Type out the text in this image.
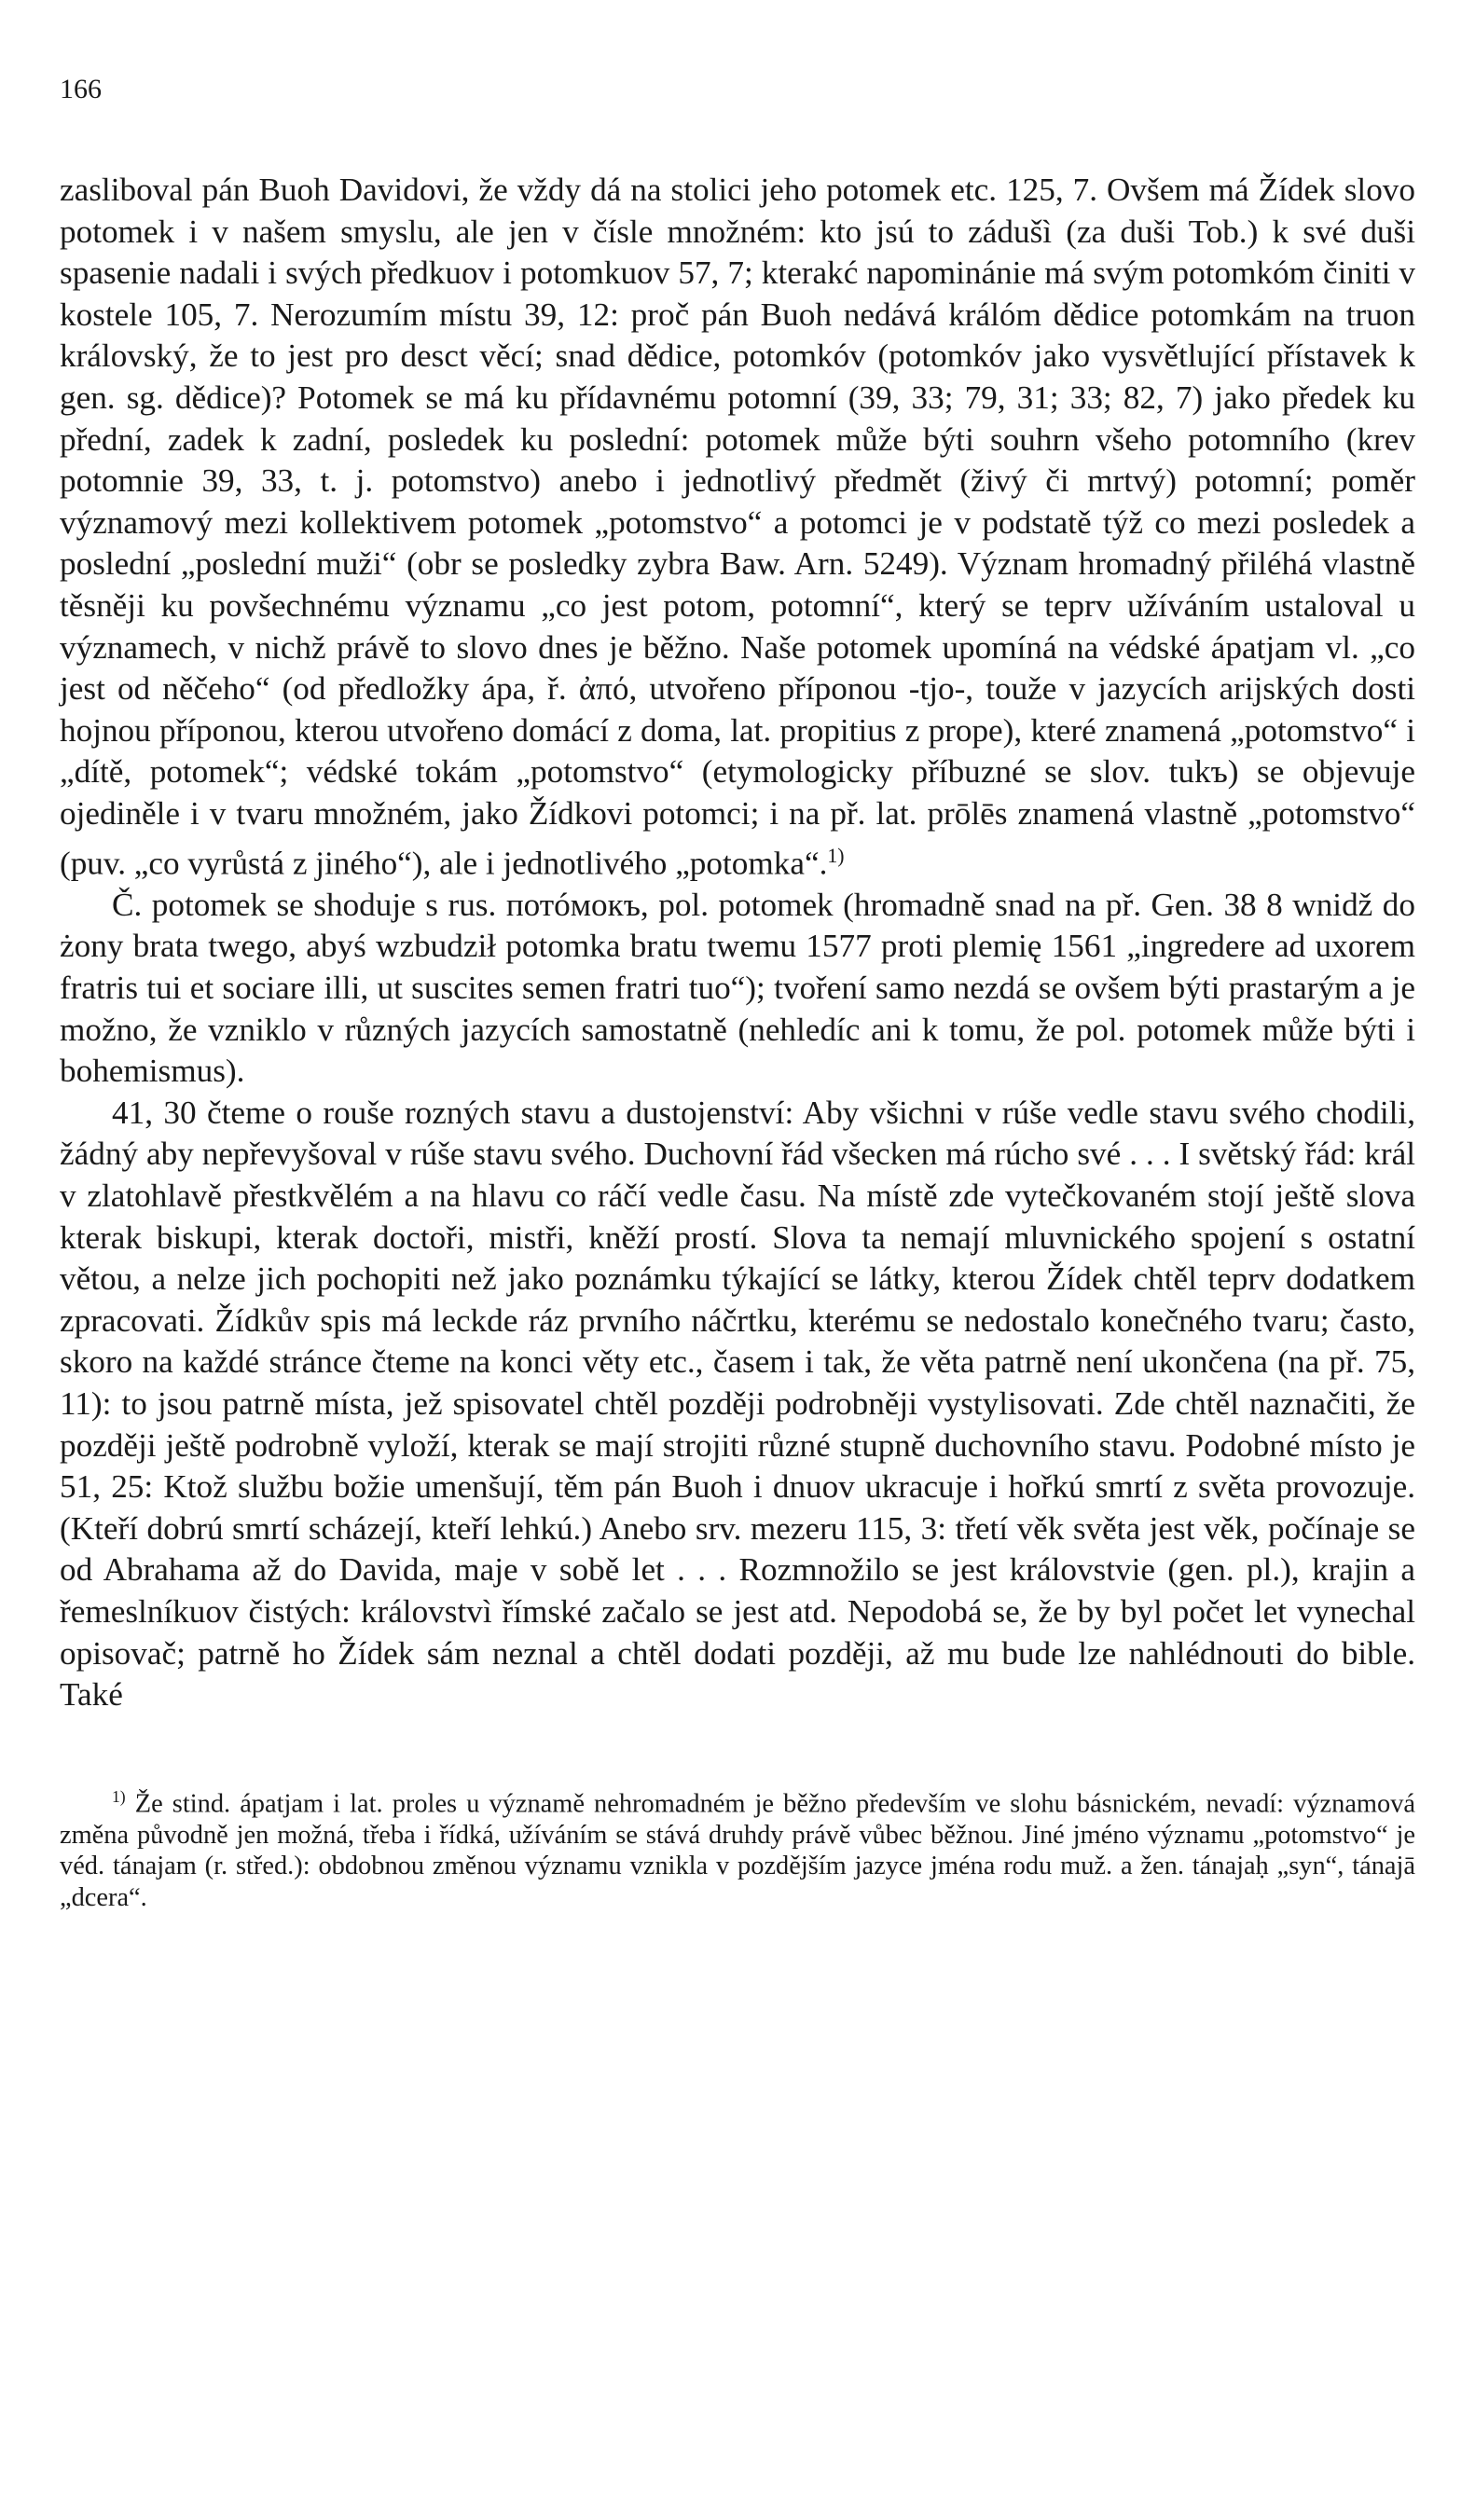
166

zasliboval pán Buoh Davidovi, že vždy dá na stolici jeho potomek etc. 125, 7. Ovšem má Žídek slovo potomek i v našem smyslu, ale jen v čísle množném: kto jsú to zádušì (za duši Tob.) k své duši spasenie nadali i svých předkuov i potomkuov 57, 7; kterakć napominánie má svým potomkóm činiti v kostele 105, 7. Nerozumím místu 39, 12: proč pán Buoh nedává králóm dědice potomkám na truon královský, že to jest pro desct věcí; snad dědice, potomkóv (potomkóv jako vysvětlující přístavek k gen. sg. dědice)? Potomek se má ku přídavnému potomní (39, 33; 79, 31; 33; 82, 7) jako předek ku přední, zadek k zadní, posledek ku poslední: potomek může býti souhrn všeho potomního (krev potomnie 39, 33, t. j. potomstvo) anebo i jednotlivý předmět (živý či mrtvý) potomní; poměr významový mezi kollektivem potomek „potomstvo“ a potomci je v podstatě týž co mezi posledek a poslední „poslední muži“ (obr se posledky zybra Baw. Arn. 5249). Význam hromadný přiléhá vlastně těsněji ku povšechnému významu „co jest potom, potomní“, který se teprv užíváním ustaloval u významech, v nichž právě to slovo dnes je běžno. Naše potomek upomíná na védské ápatjam vl. „co jest od něčeho“ (od předložky ápa, ř. ἀπό, utvořeno příponou -tjo-, touže v jazycích arijských dosti hojnou příponou, kterou utvořeno domácí z doma, lat. propitius z prope), které znamená „potomstvo“ i „dítě, potomek“; védské tokám „potomstvo“ (etymologicky příbuzné se slov. tukъ) se objevuje ojediněle i v tvaru množném, jako Žídkovi potomci; i na př. lat. prōlēs znamená vlastně „potomstvo“ (puv. „co vyrůstá z jiného“), ale i jednotlivého „potomka“.$^{1)}$

Č. potomek se shoduje s rus. потóмокъ, pol. potomek (hromadně snad na př. Gen. 38 8 wnidž do żony brata twego, abyś wzbudził potomka bratu twemu 1577 proti plemię 1561 „ingredere ad uxorem fratris tui et sociare illi, ut suscites semen fratri tuo“); tvoření samo nezdá se ovšem býti prastarým a je možno, že vzniklo v různých jazycích samostatně (nehledíc ani k tomu, že pol. potomek může býti i bohemismus).

41, 30 čteme o rouše rozných stavu a dustojenství: Aby všichni v rúše vedle stavu svého chodili, žádný aby nepřevyšoval v rúše stavu svého. Duchovní řád všecken má rúcho své . . . I světský řád: král v zlatohlavě přestkvělém a na hlavu co ráčí vedle času. Na místě zde vytečkovaném stojí ještě slova kterak biskupi, kterak doctoři, mistři, kněží prostí. Slova ta nemají mluvnického spojení s ostatní větou, a nelze jich pochopiti než jako poznámku týkající se látky, kterou Žídek chtěl teprv dodatkem zpracovati. Žídkův spis má leckde ráz prvního náčrtku, kterému se nedostalo konečného tvaru; často, skoro na každé stránce čteme na konci věty etc., časem i tak, že věta patrně není ukončena (na př. 75, 11): to jsou patrně místa, jež spisovatel chtěl později podrobněji vystylisovati. Zde chtěl naznačiti, že později ještě podrobně vyloží, kterak se mají strojiti různé stupně duchovního stavu. Podobné místo je 51, 25: Ktož službu božie umenšují, těm pán Buoh i dnuov ukracuje i hořkú smrtí z světa provozuje. (Kteří dobrú smrtí scházejí, kteří lehkú.) Anebo srv. mezeru 115, 3: třetí věk světa jest věk, počínaje se od Abrahama až do Davida, maje v sobě let . . . Rozmnožilo se jest královstvie (gen. pl.), krajin a řemeslníkuov čistých: královstvì římské začalo se jest atd. Nepodobá se, že by byl počet let vynechal opisovač; patrně ho Žídek sám neznal a chtěl dodati později, až mu bude lze nahlédnouti do bible. Také

$^{1)}$ Že stind. ápatjam i lat. proles u významě nehromadném je běžno především ve slohu básnickém, nevadí: významová změna původně jen možná, třeba i řídká, užíváním se stává druhdy právě vůbec běžnou. Jiné jméno významu „potomstvo“ je véd. tánajam (r. střed.): obdobnou změnou významu vznikla v pozdějším jazyce jména rodu muž. a žen. tánajaḥ „syn“, tánajā „dcera“.
